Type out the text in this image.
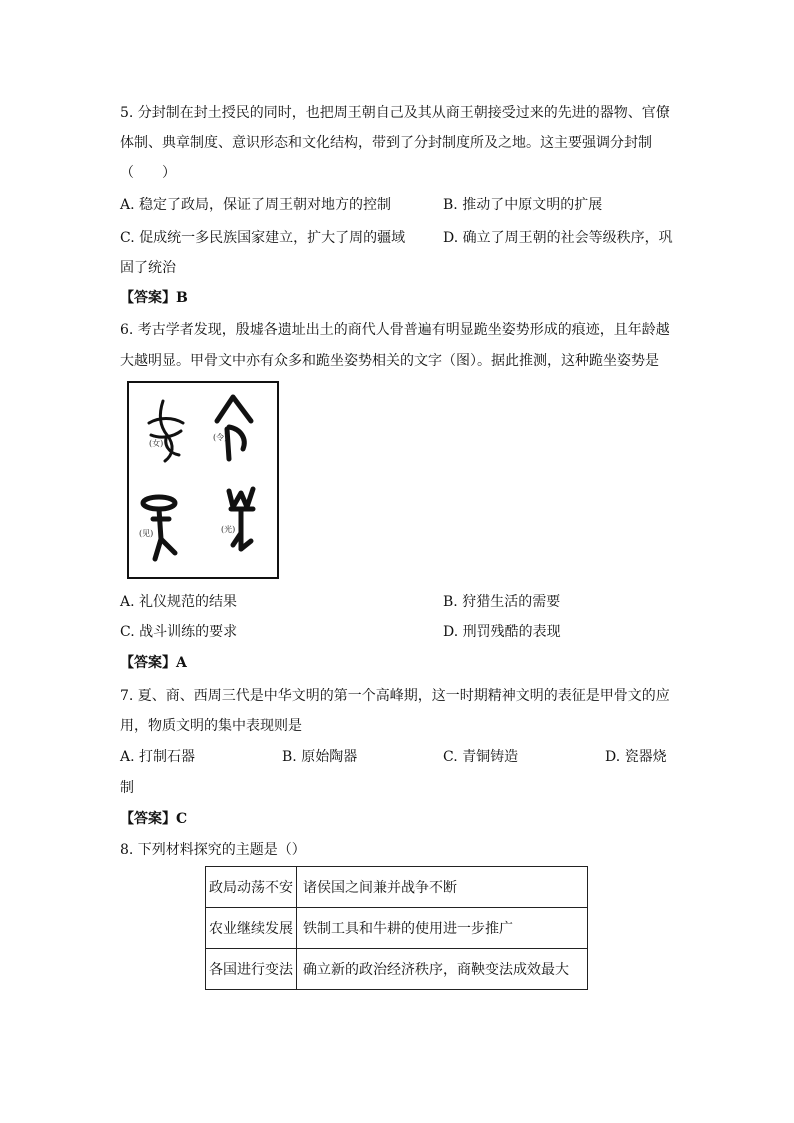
5. 分封制在封土授民的同时，也把周王朝自己及其从商王朝接受过来的先进的器物、官僚
体制、典章制度、意识形态和文化结构，带到了分封制度所及之地。这主要强调分封制
（　　）
A. 稳定了政局，保证了周王朝对地方的控制	B. 推动了中原文明的扩展
C. 促成统一多民族国家建立，扩大了周的疆域	D. 确立了周王朝的社会等级秩序，巩
固了统治
【答案】B
6. 考古学者发现，殷墟各遗址出土的商代人骨普遍有明显跪坐姿势形成的痕迹，且年龄越
大越明显。甲骨文中亦有众多和跪坐姿势相关的文字（图）。据此推测，这种跪坐姿势是
(女)
(令)
(见)	(光)
A. 礼仪规范的结果	B. 狩猎生活的需要
C. 战斗训练的要求	D. 刑罚残酷的表现
【答案】A
7. 夏、商、西周三代是中华文明的第一个高峰期，这一时期精神文明的表征是甲骨文的应
用，物质文明的集中表现则是
A. 打制石器	B. 原始陶器	C. 青铜铸造	D. 瓷器烧
制
【答案】C
8. 下列材料探究的主题是（）
政局动荡不安	诸侯国之间兼并战争不断
农业继续发展	铁制工具和牛耕的使用进一步推广
各国进行变法	确立新的政治经济秩序，商鞅变法成效最大
